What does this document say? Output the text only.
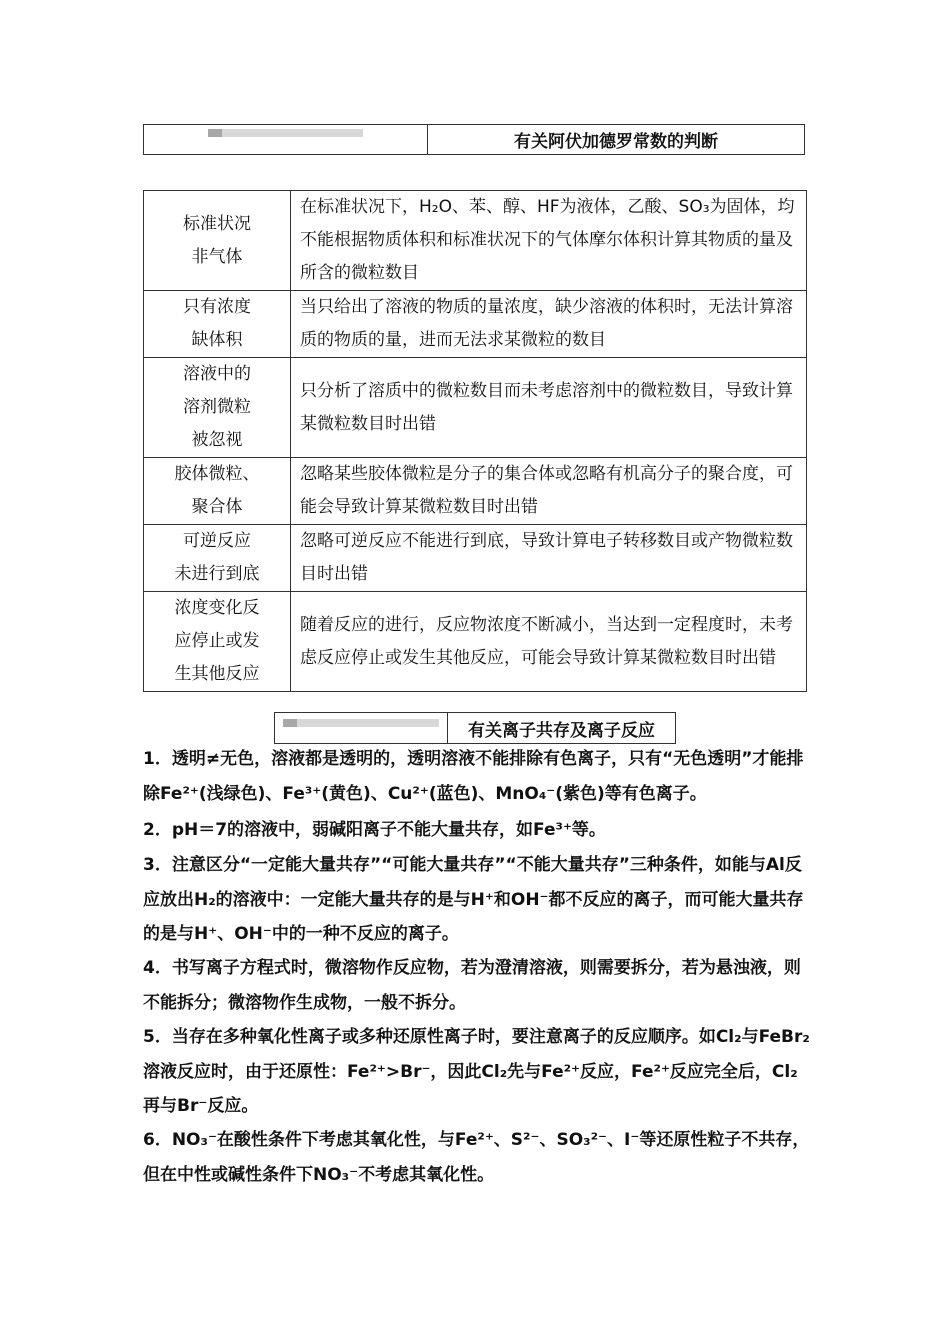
有关阿伏加德罗常数的判断
标准状况
非气体	在标准状况下，H₂O、苯、醇、HF为液体，乙酸、SO₃为固体，均不能根据物质体积和标准状况下的气体摩尔体积计算其物质的量及所含的微粒数目
只有浓度
缺体积	当只给出了溶液的物质的量浓度，缺少溶液的体积时，无法计算溶质的物质的量，进而无法求某微粒的数目
溶液中的
溶剂微粒
被忽视	只分析了溶质中的微粒数目而未考虑溶剂中的微粒数目，导致计算某微粒数目时出错
胶体微粒、
聚合体	忽略某些胶体微粒是分子的集合体或忽略有机高分子的聚合度，可能会导致计算某微粒数目时出错
可逆反应
未进行到底	忽略可逆反应不能进行到底，导致计算电子转移数目或产物微粒数目时出错
浓度变化反
应停止或发
生其他反应	随着反应的进行，反应物浓度不断减小，当达到一定程度时，未考虑反应停止或发生其他反应，可能会导致计算某微粒数目时出错
有关离子共存及离子反应
1．透明≠无色，溶液都是透明的，透明溶液不能排除有色离子，只有“无色透明”才能排除Fe²⁺(浅绿色)、Fe³⁺(黄色)、Cu²⁺(蓝色)、MnO₄⁻(紫色)等有色离子。
2．pH＝7的溶液中，弱碱阳离子不能大量共存，如Fe³⁺等。
3．注意区分“一定能大量共存”“可能大量共存”“不能大量共存”三种条件，如能与Al反应放出H₂的溶液中：一定能大量共存的是与H⁺和OH⁻都不反应的离子，而可能大量共存的是与H⁺、OH⁻中的一种不反应的离子。
4．书写离子方程式时，微溶物作反应物，若为澄清溶液，则需要拆分，若为悬浊液，则不能拆分；微溶物作生成物，一般不拆分。
5．当存在多种氧化性离子或多种还原性离子时，要注意离子的反应顺序。如Cl₂与FeBr₂溶液反应时，由于还原性：Fe²⁺>Br⁻，因此Cl₂先与Fe²⁺反应，Fe²⁺反应完全后，Cl₂再与Br⁻反应。
6．NO₃⁻在酸性条件下考虑其氧化性，与Fe²⁺、S²⁻、SO₃²⁻、I⁻等还原性粒子不共存，但在中性或碱性条件下NO₃⁻不考虑其氧化性。
